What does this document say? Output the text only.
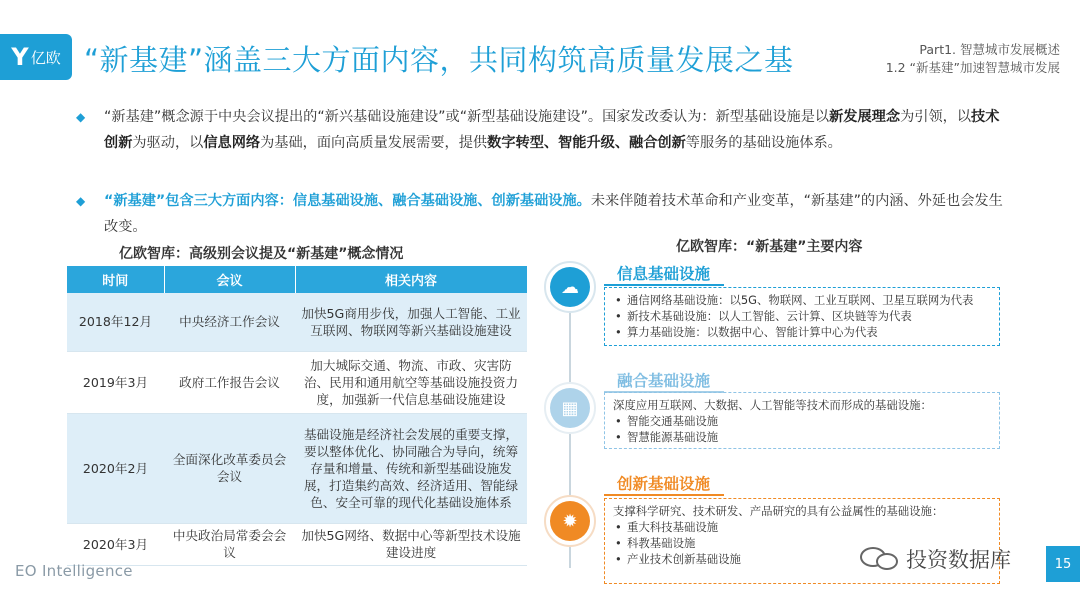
Y 亿欧 “新基建”涵盖三大方面内容，共同构筑高质量发展之基	Part1. 智慧城市发展概述
1.2 “新基建”加速智慧城市发展
◆	“新基建”概念源于中央会议提出的“新兴基础设施建设”或“新型基础设施建设”。国家发改委认为：新型基础设施是以新发展理念为引领，以技术创新为驱动，以信息网络为基础，面向高质量发展需要，提供数字转型、智能升级、融合创新等服务的基础设施体系。
◆	“新基建”包含三大方面内容：信息基础设施、融合基础设施、创新基础设施。未来伴随着技术革命和产业变革，“新基建”的内涵、外延也会发生改变。
亿欧智库：高级别会议提及“新基建”概念情况
时间	会议	相关内容
2018年12月	中央经济工作会议	加快5G商用步伐，加强人工智能、工业互联网、物联网等新兴基础设施建设
2019年3月	政府工作报告会议	加大城际交通、物流、市政、灾害防治、民用和通用航空等基础设施投资力度，加强新一代信息基础设施建设
2020年2月	全面深化改革委员会会议	基础设施是经济社会发展的重要支撑，要以整体优化、协同融合为导向，统筹存量和增量、传统和新型基础设施发展，打造集约高效、经济适用、智能绿色、安全可靠的现代化基础设施体系
2020年3月	中央政治局常委会会议	加快5G网络、数据中心等新型技术设施建设进度
EO Intelligence
亿欧智库：“新基建”主要内容
☁
▦
✹
信息基础设施
• 通信网络基础设施：以5G、物联网、工业互联网、卫星互联网为代表
• 新技术基础设施：以人工智能、云计算、区块链等为代表
• 算力基础设施：以数据中心、智能计算中心为代表
融合基础设施
深度应用互联网、大数据、人工智能等技术而形成的基础设施：
• 智能交通基础设施
• 智慧能源基础设施
创新基础设施
支撑科学研究、技术研发、产品研究的具有公益属性的基础设施：
• 重大科技基础设施
• 科教基础设施
• 产业技术创新基础设施	投资数据库	15
